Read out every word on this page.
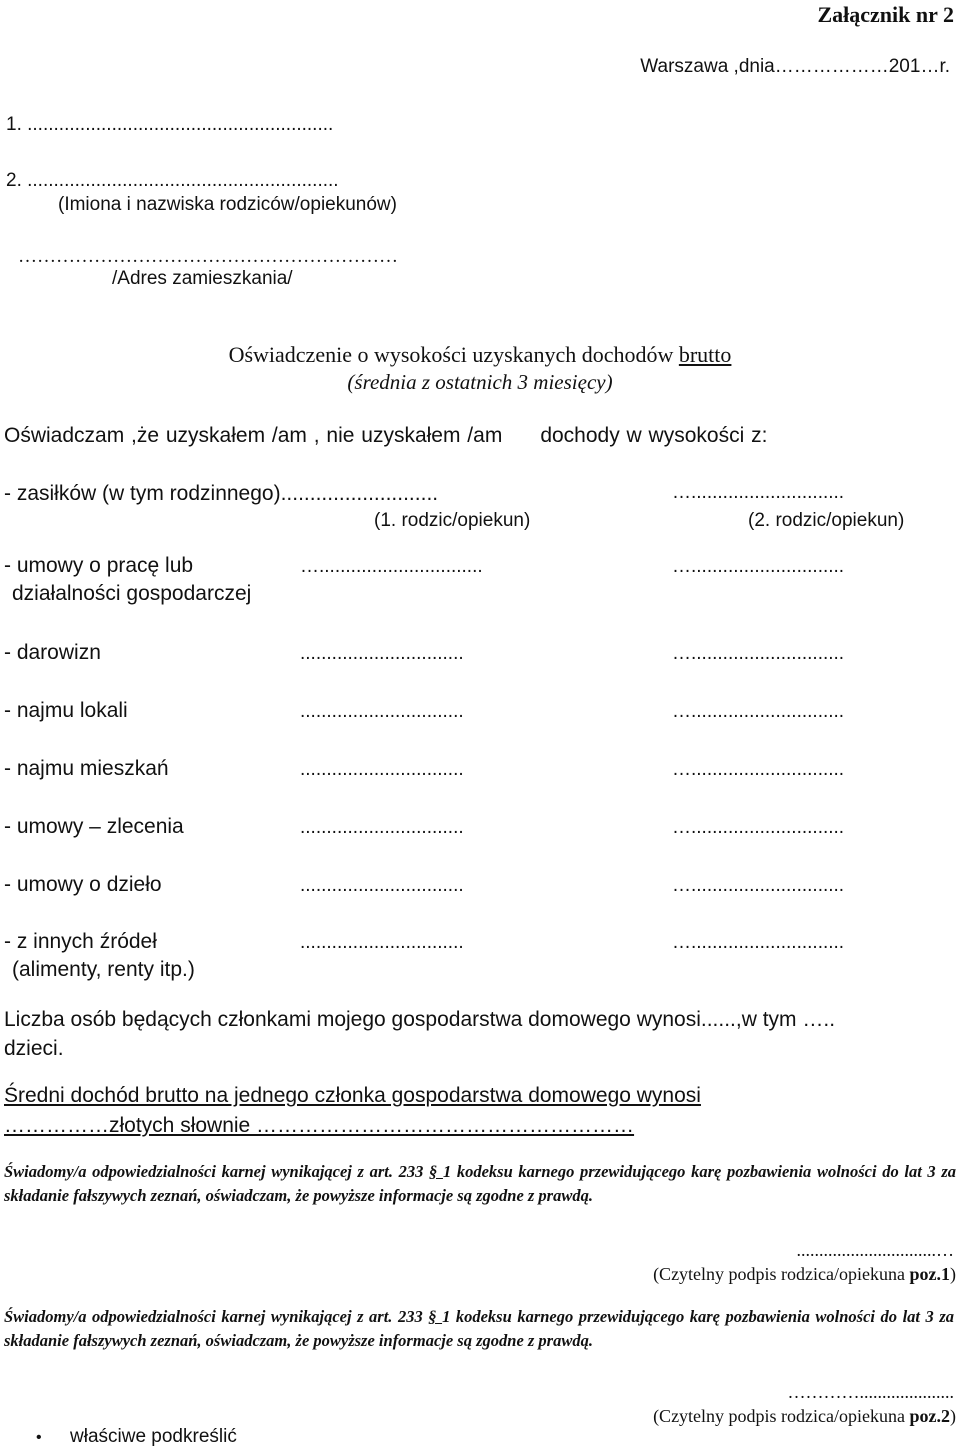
Załącznik nr 2
Warszawa ,dnia………………201…r.
1. ..........................................................
2. ...........................................................
(Imiona i nazwiska rodziców/opiekunów)
……………………………………………………
/Adres zamieszkania/
Oświadczenie o wysokości uzyskanych dochodów brutto
(średnia z ostatnich 3 miesięcy)
Oświadczam ,że uzyskałem /am , nie uzyskałem /am dochody w wysokości z:
(1. rodzic/opiekun)	(2. rodzic/opiekun)
- zasiłków (w tym rodzinnego)...........................	….............................
- umowy o pracę lub
działalności gospodarczej
…...............................	….............................
- darowizn	...............................	….............................
- najmu lokali	...............................	….............................
- najmu mieszkań	...............................	….............................
- umowy – zlecenia	...............................	….............................
- umowy o dzieło	...............................	….............................
- z innych źródeł
(alimenty, renty itp.)
...............................	….............................
Liczba osób będących członkami mojego gospodarstwa domowego wynosi......,w tym …..
dzieci.
Średni dochód brutto na jednego członka gospodarstwa domowego wynosi
……………złotych słownie ………………………………………………
Świadomy/a odpowiedzialności karnej wynikającej z art. 233 § 1 kodeksu karnego przewidującego karę pozbawienia wolności do lat 3 za składanie fałszywych zeznań, oświadczam, że powyższe informacje są zgodne z prawdą.
...............................…
(Czytelny podpis rodzica/opiekuna poz.1)
Świadomy/a odpowiedzialności karnej wynikającej z art. 233 § 1 kodeksu karnego przewidującego karę pozbawienia wolności do lat 3 za składanie fałszywych zeznań, oświadczam, że powyższe informacje są zgodne z prawdą.
………….....................
(Czytelny podpis rodzica/opiekuna poz.2)
• właściwe podkreślić
